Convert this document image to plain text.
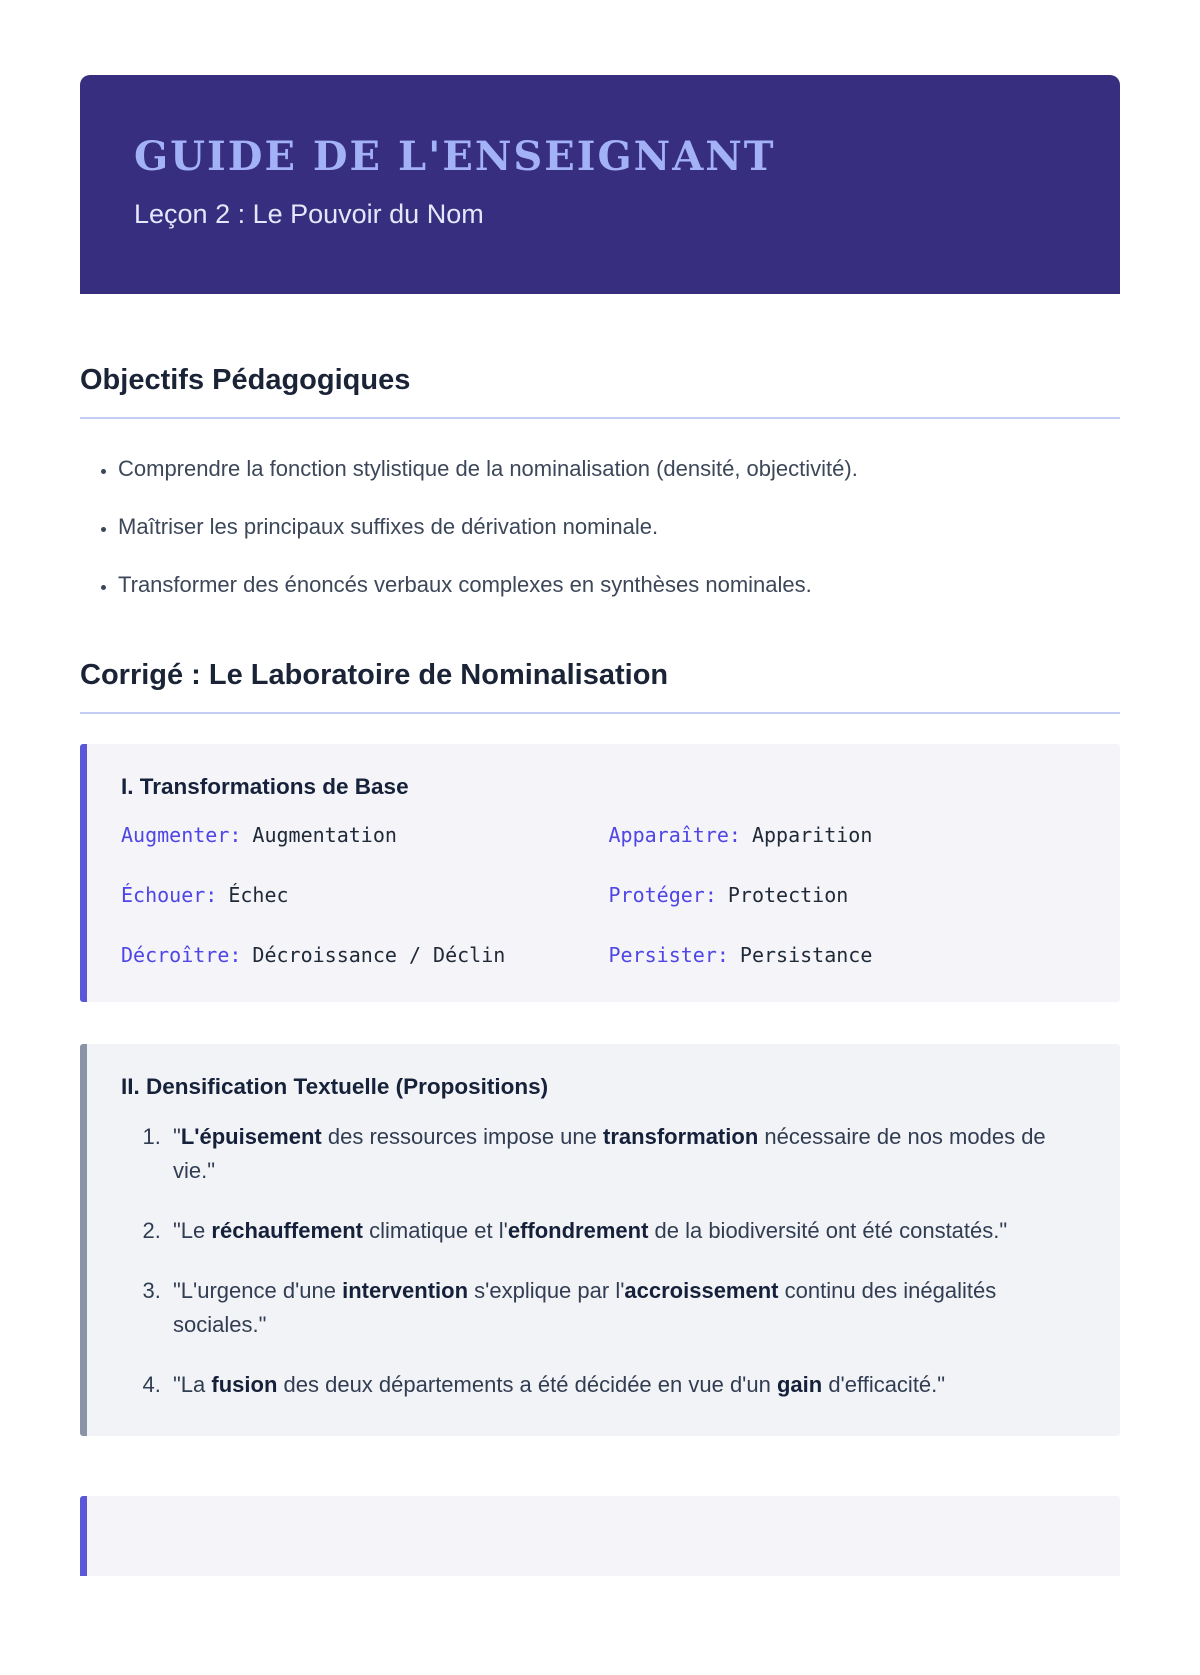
GUIDE DE L'ENSEIGNANT

Leçon 2 : Le Pouvoir du Nom

Objectifs Pédagogiques
• Comprendre la fonction stylistique de la nominalisation (densité, objectivité).
• Maîtriser les principaux suffixes de dérivation nominale.
• Transformer des énoncés verbaux complexes en synthèses nominales.
Corrigé : Le Laboratoire de Nominalisation
I. Transformations de Base
Augmenter: Augmentation	Apparaître: Apparition
Échouer: Échec	Protéger: Protection
Décroître: Décroissance / Déclin	Persister: Persistance
II. Densification Textuelle (Propositions)
1. "L'épuisement des ressources impose une transformation nécessaire de nos modes de vie."
2. "Le réchauffement climatique et l'effondrement de la biodiversité ont été constatés."
3. "L'urgence d'une intervention s'explique par l'accroissement continu des inégalités sociales."
4. "La fusion des deux départements a été décidée en vue d'un gain d'efficacité."
